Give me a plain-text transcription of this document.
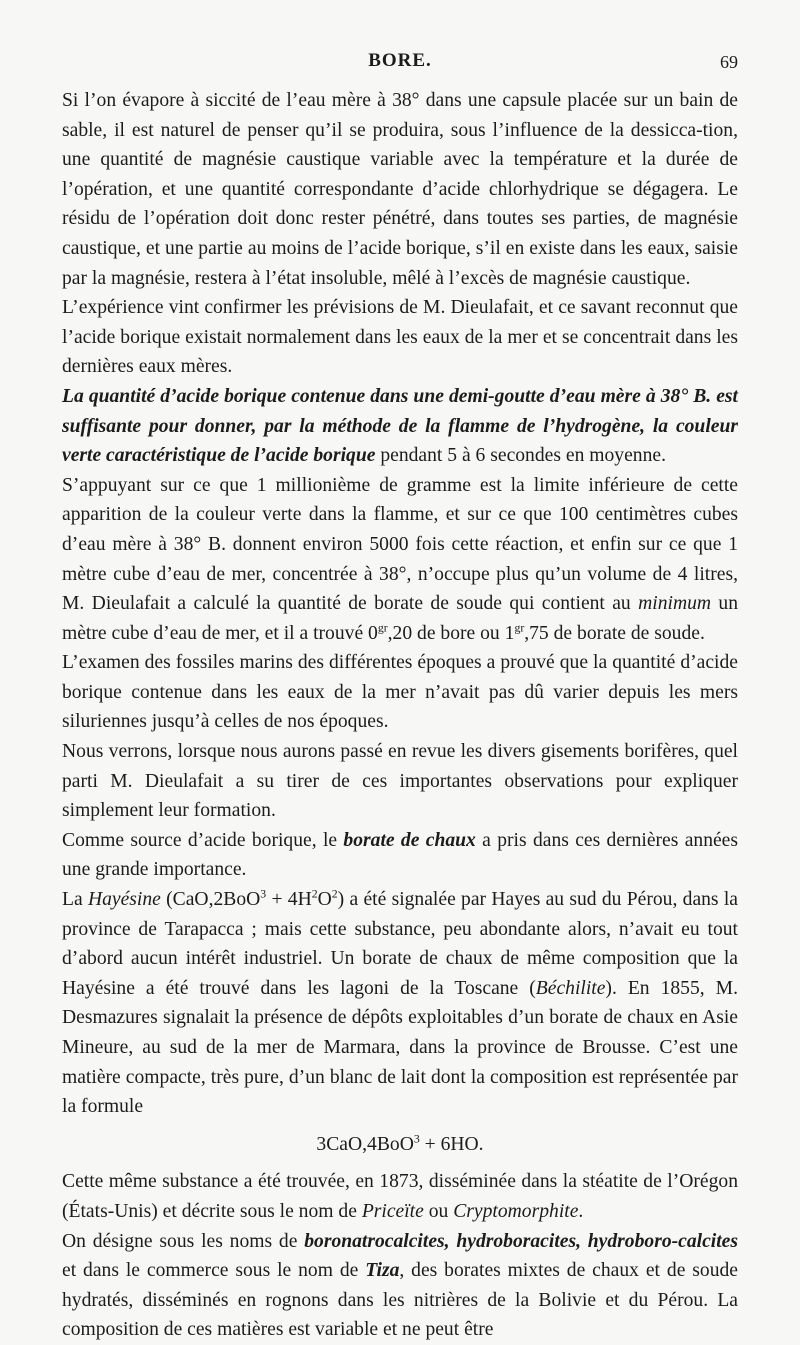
BORE.	69

Si l’on évapore à siccité de l’eau mère à 38° dans une capsule placée sur un bain de sable, il est naturel de penser qu’il se produira, sous l’influence de la dessicca-tion, une quantité de magnésie caustique variable avec la température et la durée de l’opération, et une quantité correspondante d’acide chlorhydrique se dégagera. Le résidu de l’opération doit donc rester pénétré, dans toutes ses parties, de magnésie caustique, et une partie au moins de l’acide borique, s’il en existe dans les eaux, saisie par la magnésie, restera à l’état insoluble, mêlé à l’excès de magnésie caustique.

L’expérience vint confirmer les prévisions de M. Dieulafait, et ce savant reconnut que l’acide borique existait normalement dans les eaux de la mer et se concentrait dans les dernières eaux mères.

La quantité d’acide borique contenue dans une demi-goutte d’eau mère à 38° B. est suffisante pour donner, par la méthode de la flamme de l’hydrogène, la couleur verte caractéristique de l’acide borique pendant 5 à 6 secondes en moyenne.

S’appuyant sur ce que 1 millionième de gramme est la limite inférieure de cette apparition de la couleur verte dans la flamme, et sur ce que 100 centimètres cubes d’eau mère à 38° B. donnent environ 5000 fois cette réaction, et enfin sur ce que 1 mètre cube d’eau de mer, concentrée à 38°, n’occupe plus qu’un volume de 4 litres, M. Dieulafait a calculé la quantité de borate de soude qui contient au minimum un mètre cube d’eau de mer, et il a trouvé $0^{gr},20$ de bore ou $1^{gr},75$ de borate de soude.

L’examen des fossiles marins des différentes époques a prouvé que la quantité d’acide borique contenue dans les eaux de la mer n’avait pas dû varier depuis les mers siluriennes jusqu’à celles de nos époques.

Nous verrons, lorsque nous aurons passé en revue les divers gisements borifères, quel parti M. Dieulafait a su tirer de ces importantes observations pour expliquer simplement leur formation.

Comme source d’acide borique, le borate de chaux a pris dans ces dernières années une grande importance.

La Hayésine $(CaO,2BoO^3 + 4H^2O^2)$ a été signalée par Hayes au sud du Pérou, dans la province de Tarapacca ; mais cette substance, peu abondante alors, n’avait eu tout d’abord aucun intérêt industriel. Un borate de chaux de même composition que la Hayésine a été trouvé dans les lagoni de la Toscane (Béchilite). En 1855, M. Desmazures signalait la présence de dépôts exploitables d’un borate de chaux en Asie Mineure, au sud de la mer de Marmara, dans la province de Brousse. C’est une matière compacte, très pure, d’un blanc de lait dont la composition est représentée par la formule

3CaO,4BoO$^3$ + 6HO.

Cette même substance a été trouvée, en 1873, disséminée dans la stéatite de l’Orégon (États-Unis) et décrite sous le nom de Priceïte ou Cryptomorphite.

On désigne sous les noms de boronatrocalcites, hydroboracites, hydroboro-calcites et dans le commerce sous le nom de Tiza, des borates mixtes de chaux et de soude hydratés, disséminés en rognons dans les nitrières de la Bolivie et du Pérou. La composition de ces matières est variable et ne peut être
